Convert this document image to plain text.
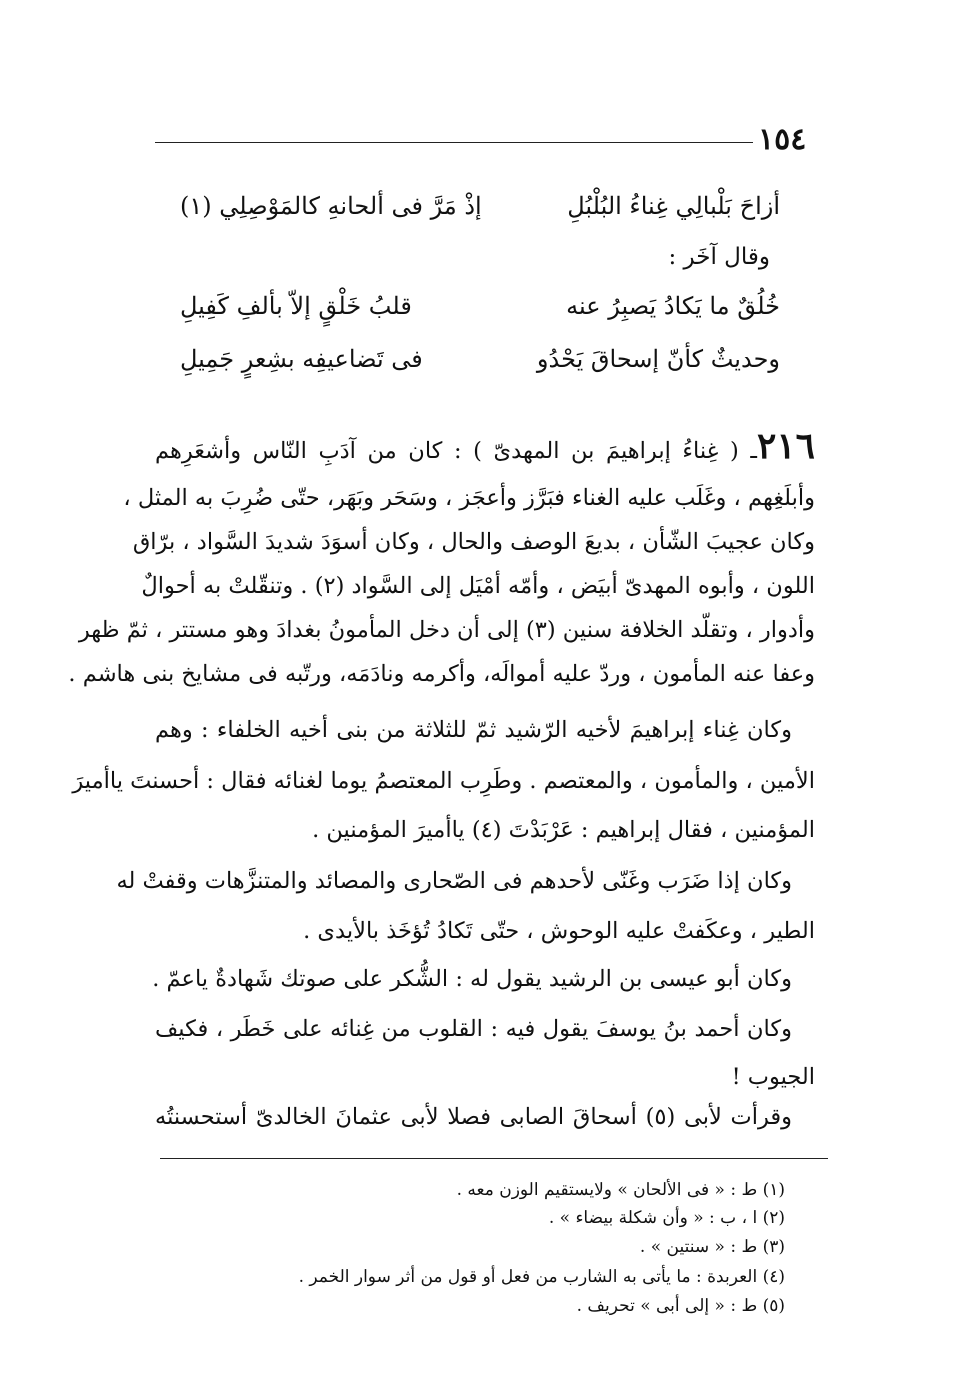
١٥٤
أزاحَ بَلْبالِي غِناءُ البُلْبُلِ
إذْ مَرَّ فى ألحانهِ كالمَوْصِلِي (١)
وقال آخَر :
خُلُقٌ ما يَكادُ يَصبِرُ عنه
قلبُ خَلْقٍ إلاّ بألفِ كَفِيلِ
وحديثٌ كأنّ إسحاقَ يَحْدُو
فى تَضاعيفِه بشِعرٍ جَمِيلِ
٢١٦ـ ( غِناءُ إبراهيمَ بن المهدىّ ) : كان من آدَبِ النّاس وأشعَرِهم
وأبلَغِهم ، وغَلَب عليه الغناء فبَرَّز وأعجَز ، وسَحَر وبَهَر، حتّى ضُرِبَ به المثل ،
وكان عجيبَ الشّأن ، بديعَ الوصف والحال ، وكان أسوَدَ شديدَ السَّواد ، برّاق
اللون ، وأبوه المهدىّ أبيَض ، وأمّه أمْيَل إلى السَّواد (٢) . وتنقّلتْ به أحوالٌ
وأدوار ، وتقلّد الخلافة سنين (٣) إلى أن دخل المأمونُ بغدادَ وهو مستتر ، ثمّ ظهر
وعفا عنه المأمون ، وردّ عليه أموالَه، وأكرمه ونادَمَه، ورتّبه فى مشايخ بنى هاشم .
وكان غِناء إبراهيمَ لأخيه الرّشيد ثمّ للثلاثة من بنى أخيه الخلفاء : وهم
الأمين ، والمأمون ، والمعتصم . وطَرِب المعتصمُ يوما لغنائه فقال : أحسنتَ ياأميرَ
المؤمنين ، فقال إبراهيم : عَرْبَدْتَ (٤) ياأميرَ المؤمنين .
وكان إذا ضَرَب وغَنّى لأحدهم فى الصّحارى والمصائد والمتنزَّهات وقفتْ له
الطير ، وعكَفتْ عليه الوحوش ، حتّى تَكادُ تُؤخَذ بالأيدى .
وكان أبو عيسى بن الرشيد يقول له : الشُّكر على صوتك شَهادةٌ ياعمّ .
وكان أحمد بنُ يوسفَ يقول فيه : القلوب من غِنائه على خَطَر ، فكيف
الجيوب !
وقرأت لأبى (٥) أسحاقَ الصابى فصلا لأبى عثمانَ الخالدىّ أستحسنتُه
(١) ط : « فى الألحان » ولايستقيم الوزن معه .
(٢) ا ، ب : « وأن شكلة بيضاء » .
(٣) ط : « سنتين » .
(٤) العربدة : ما يأتى به الشارب من فعل أو قول من أثر سوار الخمر .
(٥) ط : « إلى أبى » تحريف .
